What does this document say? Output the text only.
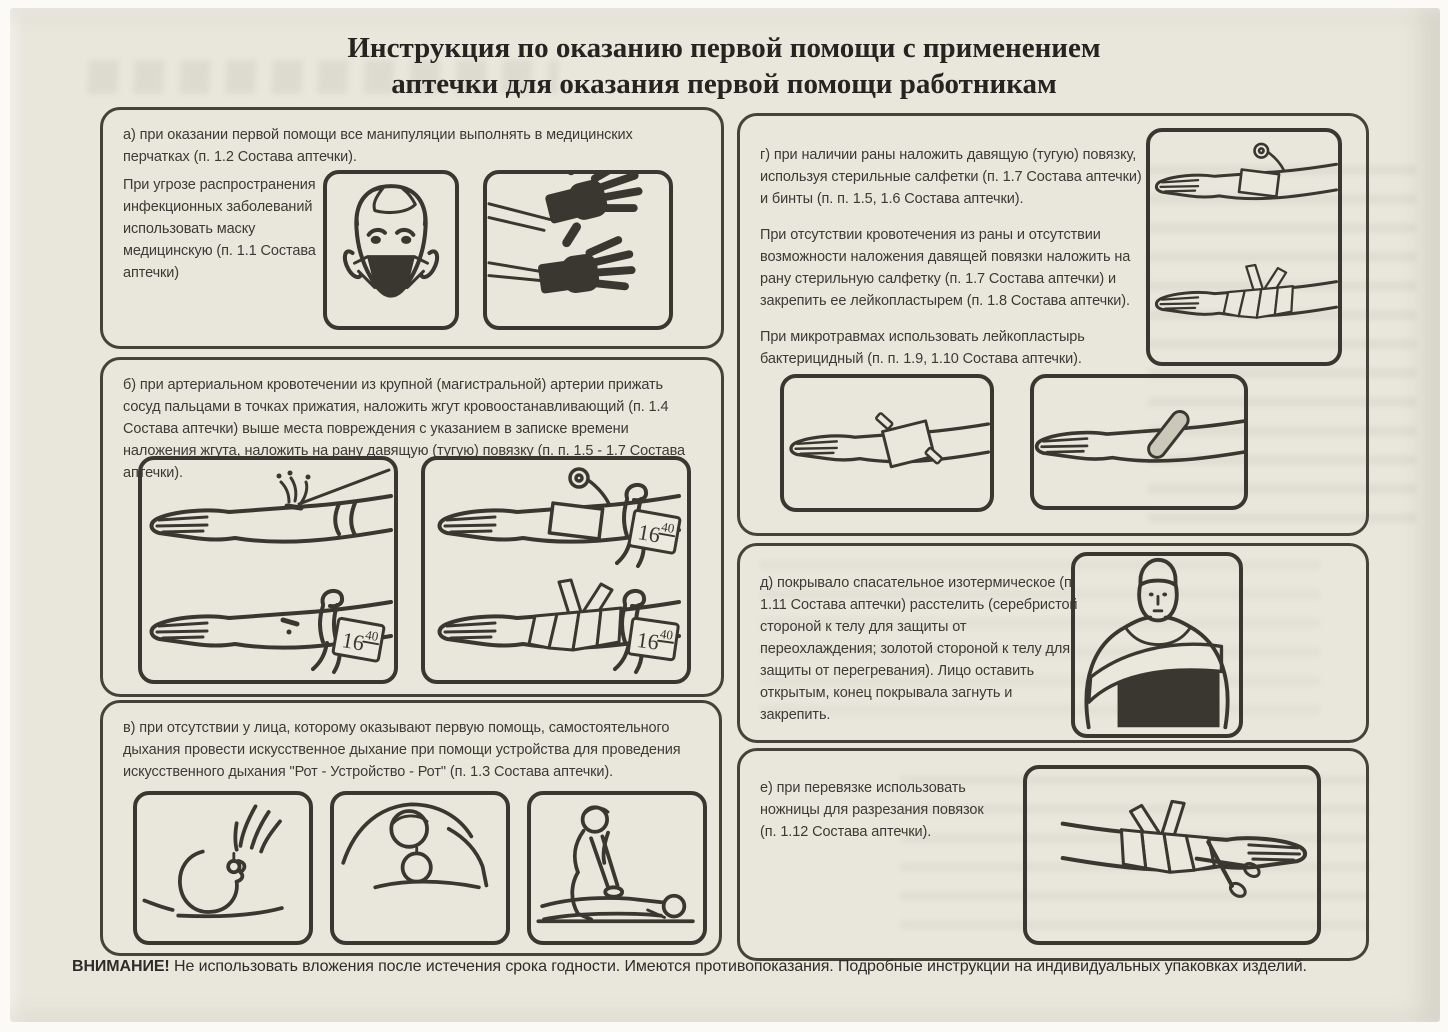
Инструкция по оказанию первой помощи с применением
аптечки для оказания первой помощи работникам
а) при оказании первой помощи все манипуляции выполнять в медицинских перчатках (п. 1.2 Состава аптечки).
При угрозе распространения инфекционных заболеваний использовать маску медицинскую (п. 1.1 Состава аптечки)
б) при артериальном кровотечении из крупной (магистральной) артерии прижать сосуд пальцами в точках прижатия, наложить жгут кровоостанавливающий (п. 1.4 Состава аптечки) выше места повреждения с указанием в записке времени наложения жгута, наложить на рану давящую (тугую) повязку (п. п. 1.5 - 1.7 Состава аптечки).
в) при отсутствии у лица, которому оказывают первую помощь, самостоятельного дыхания провести искусственное дыхание при помощи устройства для проведения искусственного дыхания "Рот - Устройство - Рот" (п. 1.3 Состава аптечки).

г) при наличии раны наложить давящую (тугую) повязку, используя стерильные салфетки (п. 1.7 Состава аптечки) и бинты (п. п. 1.5, 1.6 Состава аптечки).

При отсутствии кровотечения из раны и отсутствии возможности наложения давящей повязки наложить на рану стерильную салфетку (п. 1.7 Состава аптечки) и закрепить ее лейкопластырем (п. 1.8 Состава аптечки).

При микротравмах использовать лейкопластырь бактерицидный (п. п. 1.9, 1.10 Состава аптечки).

д) покрывало спасательное изотермическое (п. 1.11 Состава аптечки) расстелить (серебристой стороной к телу для защиты от переохлаждения; золотой стороной к телу для защиты от перегревания). Лицо оставить открытым, конец покрывала загнуть и закрепить.
е) при перевязке использовать ножницы для разрезания повязок (п. 1.12 Состава аптечки).
ВНИМАНИЕ! Не использовать вложения после истечения срока годности. Имеются противопоказания. Подробные инструкции на индивидуальных упаковках изделий.
